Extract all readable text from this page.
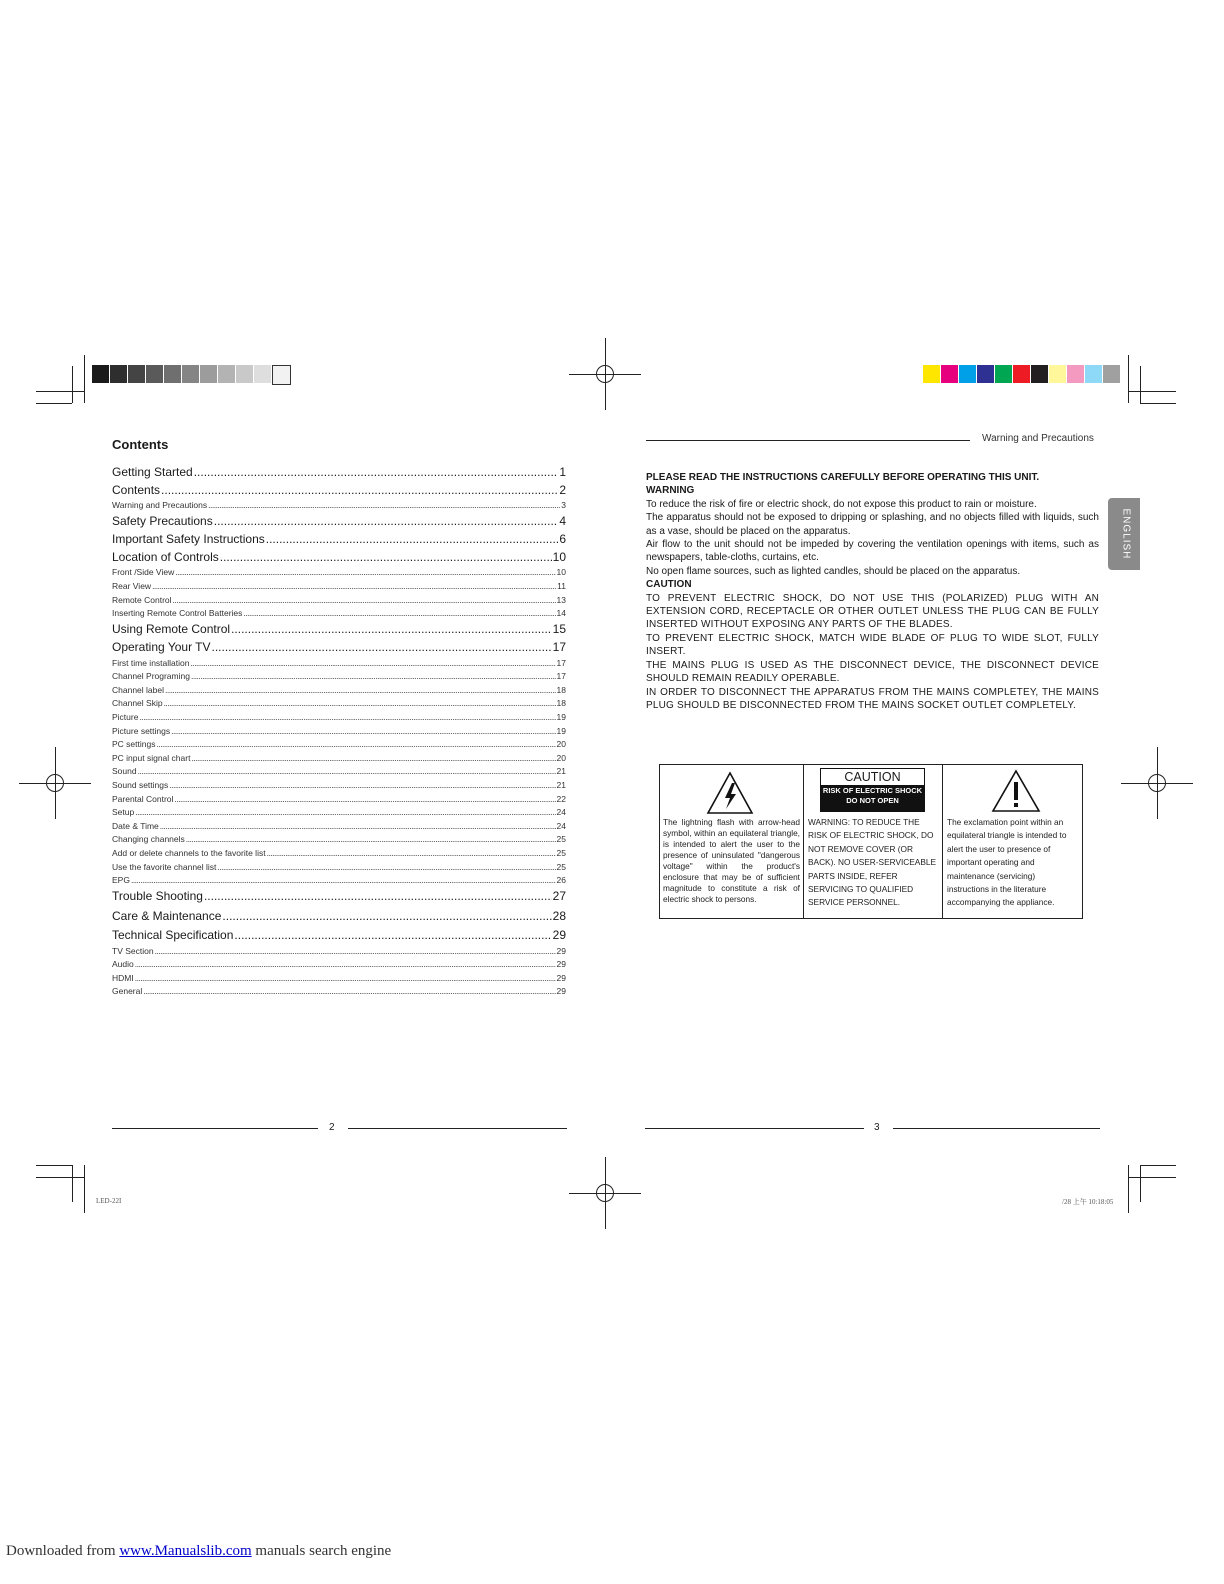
Contents
Getting Started .....	1
Contents .....	2
Warning and Precautions .....	3
Safety Precautions .....	4
Important Safety Instructions .....	6
Location of Controls .....	10
Front /Side View .....	10
Rear View .....	11
Remote Control .....	13
Inserting Remote Control Batteries .....	14
Using Remote Control .....	15
Operating Your TV .....	17
First time installation .....	17
Channel Programing .....	17
Channel label .....	18
Channel Skip .....	18
Picture .....	19
Picture settings .....	19
PC settings .....	20
PC input signal chart .....	20
Sound .....	21
Sound settings .....	21
Parental Control .....	22
Setup .....	24
Date & Time .....	24
Changing channels .....	25
Add or delete channels to the favorite list .....	25
Use the favorite channel list .....	25
EPG .....	26
Trouble Shooting .....	27
Care & Maintenance .....	28
Technical Specification .....	29
TV Section .....	29
Audio .....	29
HDMI .....	29
General .....	29
2
LED-22I
Warning and Precautions
ENGLISH

PLEASE READ THE INSTRUCTIONS CAREFULLY BEFORE OPERATING THIS UNIT.

WARNING

To reduce the risk of fire or electric shock, do not expose this product to rain or moisture.

The apparatus should not be exposed to dripping or splashing, and no objects filled with liquids, such as a vase, should be placed on the apparatus.

Air flow to the unit should not be impeded by covering the ventilation openings with items, such as newspapers, table-cloths, curtains, etc.

No open flame sources, such as lighted candles, should be placed on the apparatus.

CAUTION

TO PREVENT ELECTRIC SHOCK, DO NOT USE THIS (POLARIZED) PLUG WITH AN EXTENSION CORD, RECEPTACLE OR OTHER OUTLET UNLESS THE PLUG CAN BE FULLY INSERTED WITHOUT EXPOSING ANY PARTS OF THE BLADES.

TO PREVENT ELECTRIC SHOCK, MATCH WIDE BLADE OF PLUG TO WIDE SLOT, FULLY INSERT.

THE MAINS PLUG IS USED AS THE DISCONNECT DEVICE, THE DISCONNECT DEVICE SHOULD REMAIN READILY OPERABLE.

IN ORDER TO DISCONNECT THE APPARATUS FROM THE MAINS COMPLETEY, THE MAINS PLUG SHOULD BE DISCONNECTED FROM THE MAINS SOCKET OUTLET COMPLETELY.

The lightning flash with arrow-head symbol, within an equilateral triangle, is intended to alert the user to the presence of uninsulated "dangerous voltage" within the product's enclosure that may be of sufficient magnitude to constitute a risk of electric shock to persons.

CAUTION
RISK OF ELECTRIC SHOCK
DO NOT OPEN

WARNING: TO REDUCE THE RISK OF ELECTRIC SHOCK, DO NOT REMOVE COVER (OR BACK). NO USER-SERVICEABLE PARTS INSIDE, REFER SERVICING TO QUALIFIED SERVICE PERSONNEL.

The exclamation point within an equilateral triangle is intended to alert the user to presence of important operating and maintenance (servicing) instructions in the literature accompanying the appliance.

3
/28 上午 10:18:05
Downloaded from www.Manualslib.com manuals search engine
